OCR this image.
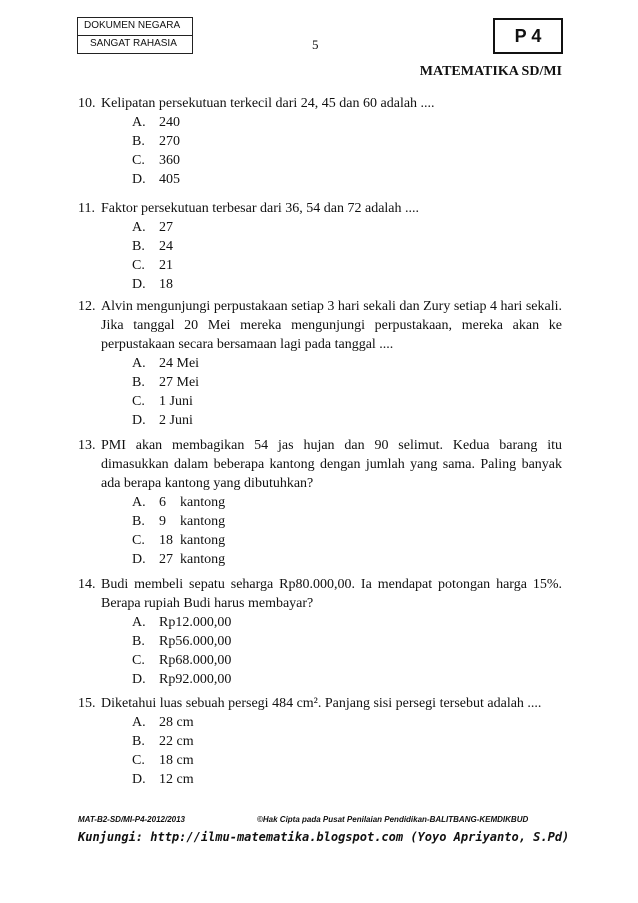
DOKUMEN NEGARA
SANGAT RAHASIA	5	P 4
MATEMATIKA SD/MI
10. Kelipatan persekutuan terkecil dari 24, 45 dan 60 adalah ....
A. 240
B.	270
C.	360
D. 405
11. Faktor persekutuan terbesar dari 36, 54 dan 72 adalah ....
A. 27
B.	24
C.	21
D. 18
12. Alvin mengunjungi perpustakaan setiap 3 hari sekali dan Zury setiap 4 hari sekali. Jika tanggal 20 Mei mereka mengunjungi perpustakaan, mereka akan ke perpustakaan secara bersamaan lagi pada tanggal ....
A. 24 Mei
B.	27 Mei
C.	1 Juni
D. 2 Juni
13. PMI akan membagikan 54 jas hujan dan 90 selimut. Kedua barang itu dimasukkan dalam beberapa kantong dengan jumlah yang sama. Paling banyak ada berapa kantong yang dibutuhkan?
A. 6    kantong
B.	9    kantong
C.	18  kantong
D. 27  kantong
14. Budi membeli sepatu seharga Rp80.000,00. Ia mendapat potongan harga 15%. Berapa rupiah Budi harus membayar?
A. Rp12.000,00
B.	Rp56.000,00
C.	Rp68.000,00
D. Rp92.000,00
15. Diketahui luas sebuah persegi 484 cm². Panjang sisi persegi tersebut adalah ....
A. 28 cm
B.	22 cm
C.	18 cm
D. 12 cm
MAT-B2-SD/MI-P4-2012/2013	©Hak Cipta pada Pusat Penilaian Pendidikan-BALITBANG-KEMDIKBUD
Kunjungi: http://ilmu-matematika.blogspot.com (Yoyo Apriyanto, S.Pd)
